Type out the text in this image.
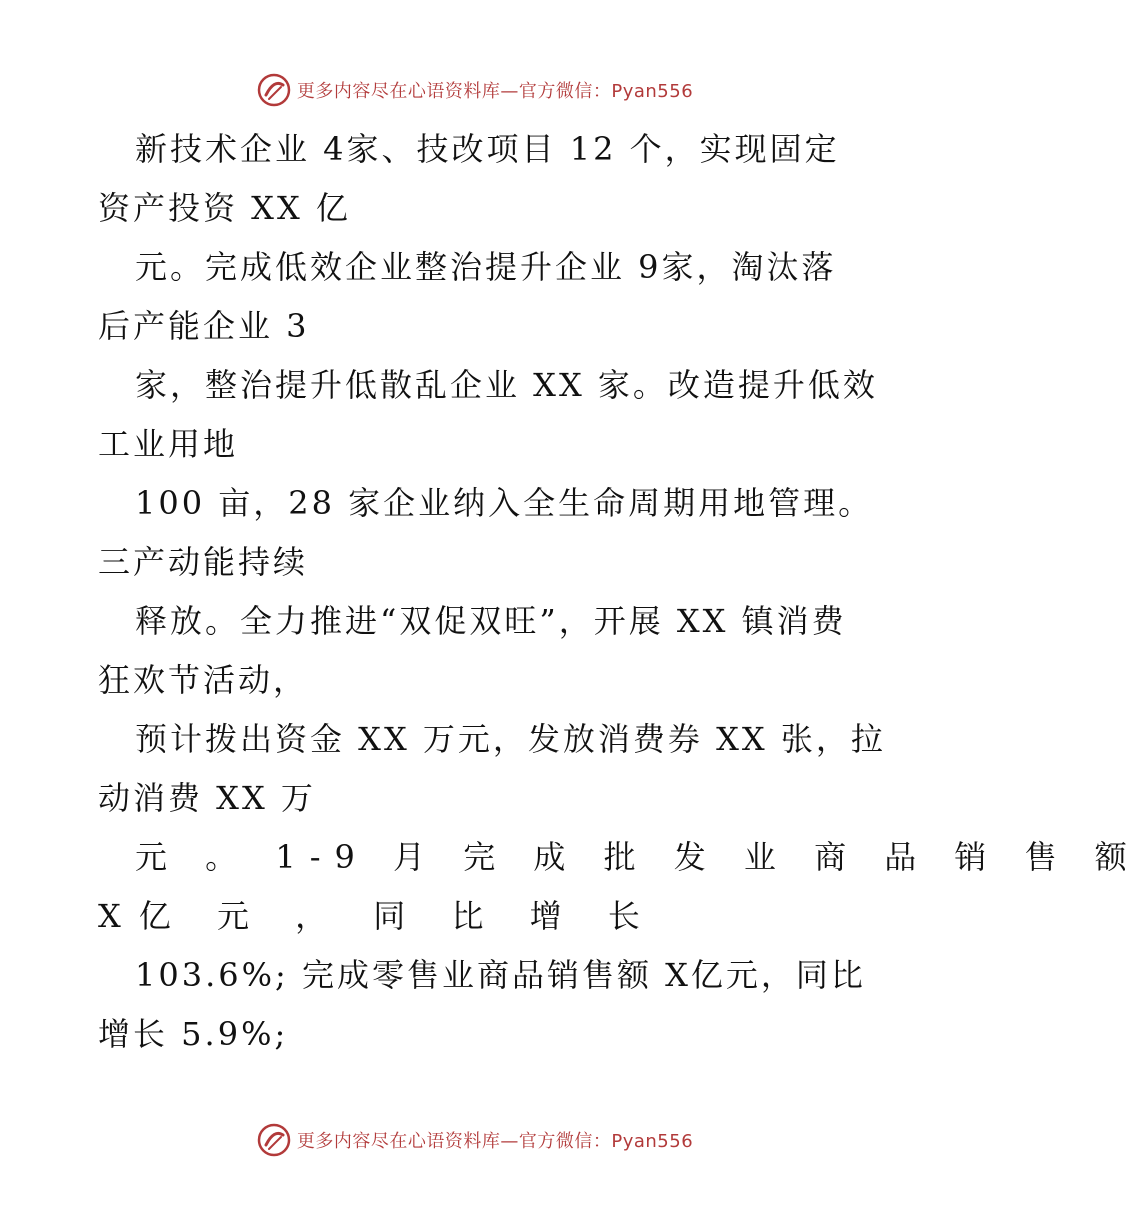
更多内容尽在心语资料库—官方微信：Pyan556
新技术企业 4家、技改项目 12 个，实现固定
资产投资 XX 亿
元。完成低效企业整治提升企业 9家，淘汰落
后产能企业 3
家，整治提升低散乱企业 XX 家。改造提升低效
工业用地
100 亩，28 家企业纳入全生命周期用地管理。
三产动能持续
释放。全力推进“双促双旺”，开展 XX 镇消费
狂欢节活动，
预计拨出资金 XX 万元，发放消费券 XX 张，拉
动消费 XX 万
元 。 1-9 月 完 成 批 发 业 商 品 销 售 额
X亿 元 ， 同 比 增 长
103.6%; 完成零售业商品销售额 X亿元，同比
增长 5.9%;
更多内容尽在心语资料库—官方微信：Pyan556
